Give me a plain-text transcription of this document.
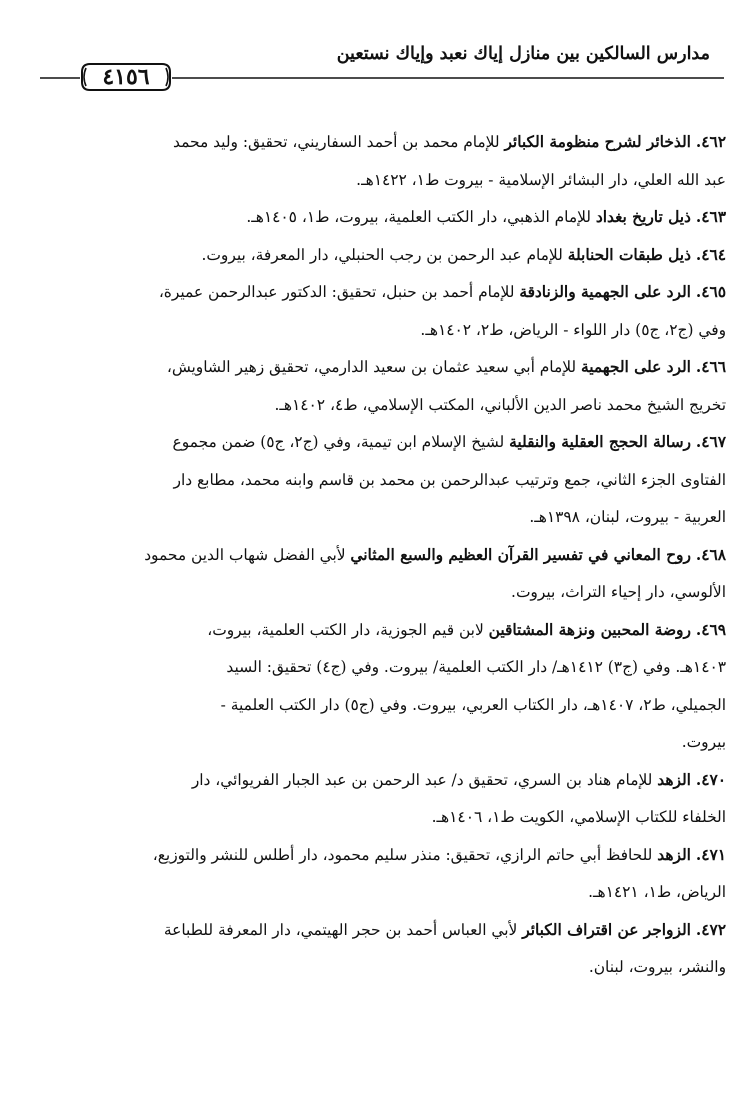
مدارس السالكين بين منازل إياك نعبد وإياك نستعين
٤١٥٦
٤٦٢. الذخائر لشرح منظومة الكبائر للإمام محمد بن أحمد السفاريني، تحقيق: وليد محمد
عبد الله العلي، دار البشائر الإسلامية - بيروت ط١، ١٤٢٢هـ.
٤٦٣. ذيل تاريخ بغداد للإمام الذهبي، دار الكتب العلمية، بيروت، ط١، ١٤٠٥هـ.
٤٦٤. ذيل طبقات الحنابلة للإمام عبد الرحمن بن رجب الحنبلي، دار المعرفة، بيروت.
٤٦٥. الرد على الجهمية والزنادقة للإمام أحمد بن حنبل، تحقيق: الدكتور عبدالرحمن عميرة،
وفي (ج٢، ج٥) دار اللواء - الرياض، ط٢، ١٤٠٢هـ.
٤٦٦. الرد على الجهمية للإمام أبي سعيد عثمان بن سعيد الدارمي، تحقيق زهير الشاويش،
تخريج الشيخ محمد ناصر الدين الألباني، المكتب الإسلامي، ط٤، ١٤٠٢هـ.
٤٦٧. رسالة الحجج العقلية والنقلية لشيخ الإسلام ابن تيمية، وفي (ج٢، ج٥) ضمن مجموع
الفتاوى الجزء الثاني، جمع وترتيب عبدالرحمن بن محمد بن قاسم وابنه محمد، مطابع دار
العربية - بيروت، لبنان، ١٣٩٨هـ.
٤٦٨. روح المعاني في تفسير القرآن العظيم والسبع المثاني لأبي الفضل شهاب الدين محمود
الألوسي، دار إحياء التراث، بيروت.
٤٦٩. روضة المحبين ونزهة المشتاقين لابن قيم الجوزية، دار الكتب العلمية، بيروت،
١٤٠٣هـ. وفي (ج٣) ١٤١٢هـ/ دار الكتب العلمية/ بيروت. وفي (ج٤) تحقيق: السيد
الجميلي، ط٢، ١٤٠٧هـ، دار الكتاب العربي، بيروت. وفي (ج٥) دار الكتب العلمية -
بيروت.
٤٧٠. الزهد للإمام هناد بن السري، تحقيق د/ عبد الرحمن بن عبد الجبار الفريوائي، دار
الخلفاء للكتاب الإسلامي، الكويت ط١، ١٤٠٦هـ.
٤٧١. الزهد للحافظ أبي حاتم الرازي، تحقيق: منذر سليم محمود، دار أطلس للنشر والتوزيع،
الرياض، ط١، ١٤٢١هـ.
٤٧٢. الزواجر عن اقتراف الكبائر لأبي العباس أحمد بن حجر الهيتمي، دار المعرفة للطباعة
والنشر، بيروت، لبنان.
